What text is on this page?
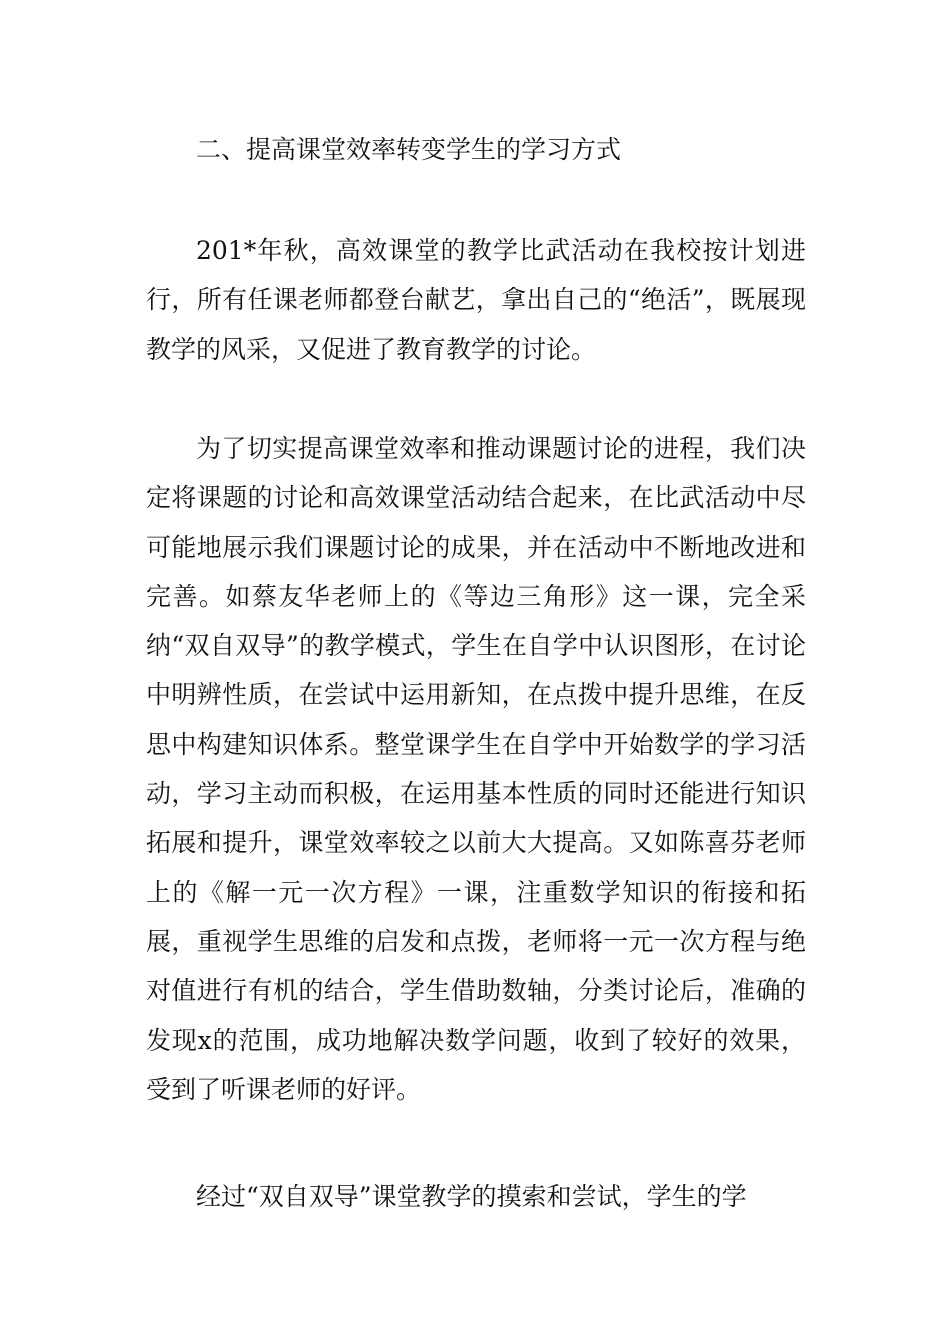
二、提高课堂效率转变学生的学习方式

201*年秋，高效课堂的教学比武活动在我校按计划进行，所有任课老师都登台献艺，拿出自己的“绝活”，既展现教学的风采，又促进了教育教学的讨论。

为了切实提高课堂效率和推动课题讨论的进程，我们决定将课题的讨论和高效课堂活动结合起来，在比武活动中尽可能地展示我们课题讨论的成果，并在活动中不断地改进和完善。如蔡友华老师上的《等边三角形》这一课，完全采纳“双自双导”的教学模式，学生在自学中认识图形，在讨论中明辨性质，在尝试中运用新知，在点拨中提升思维，在反思中构建知识体系。整堂课学生在自学中开始数学的学习活动，学习主动而积极，在运用基本性质的同时还能进行知识拓展和提升，课堂效率较之以前大大提高。又如陈喜芬老师上的《解一元一次方程》一课，注重数学知识的衔接和拓展，重视学生思维的启发和点拨，老师将一元一次方程与绝对值进行有机的结合，学生借助数轴，分类讨论后，准确的发现x的范围，成功地解决数学问题，收到了较好的效果，受到了听课老师的好评。

经过“双自双导”课堂教学的摸索和尝试，学生的学
